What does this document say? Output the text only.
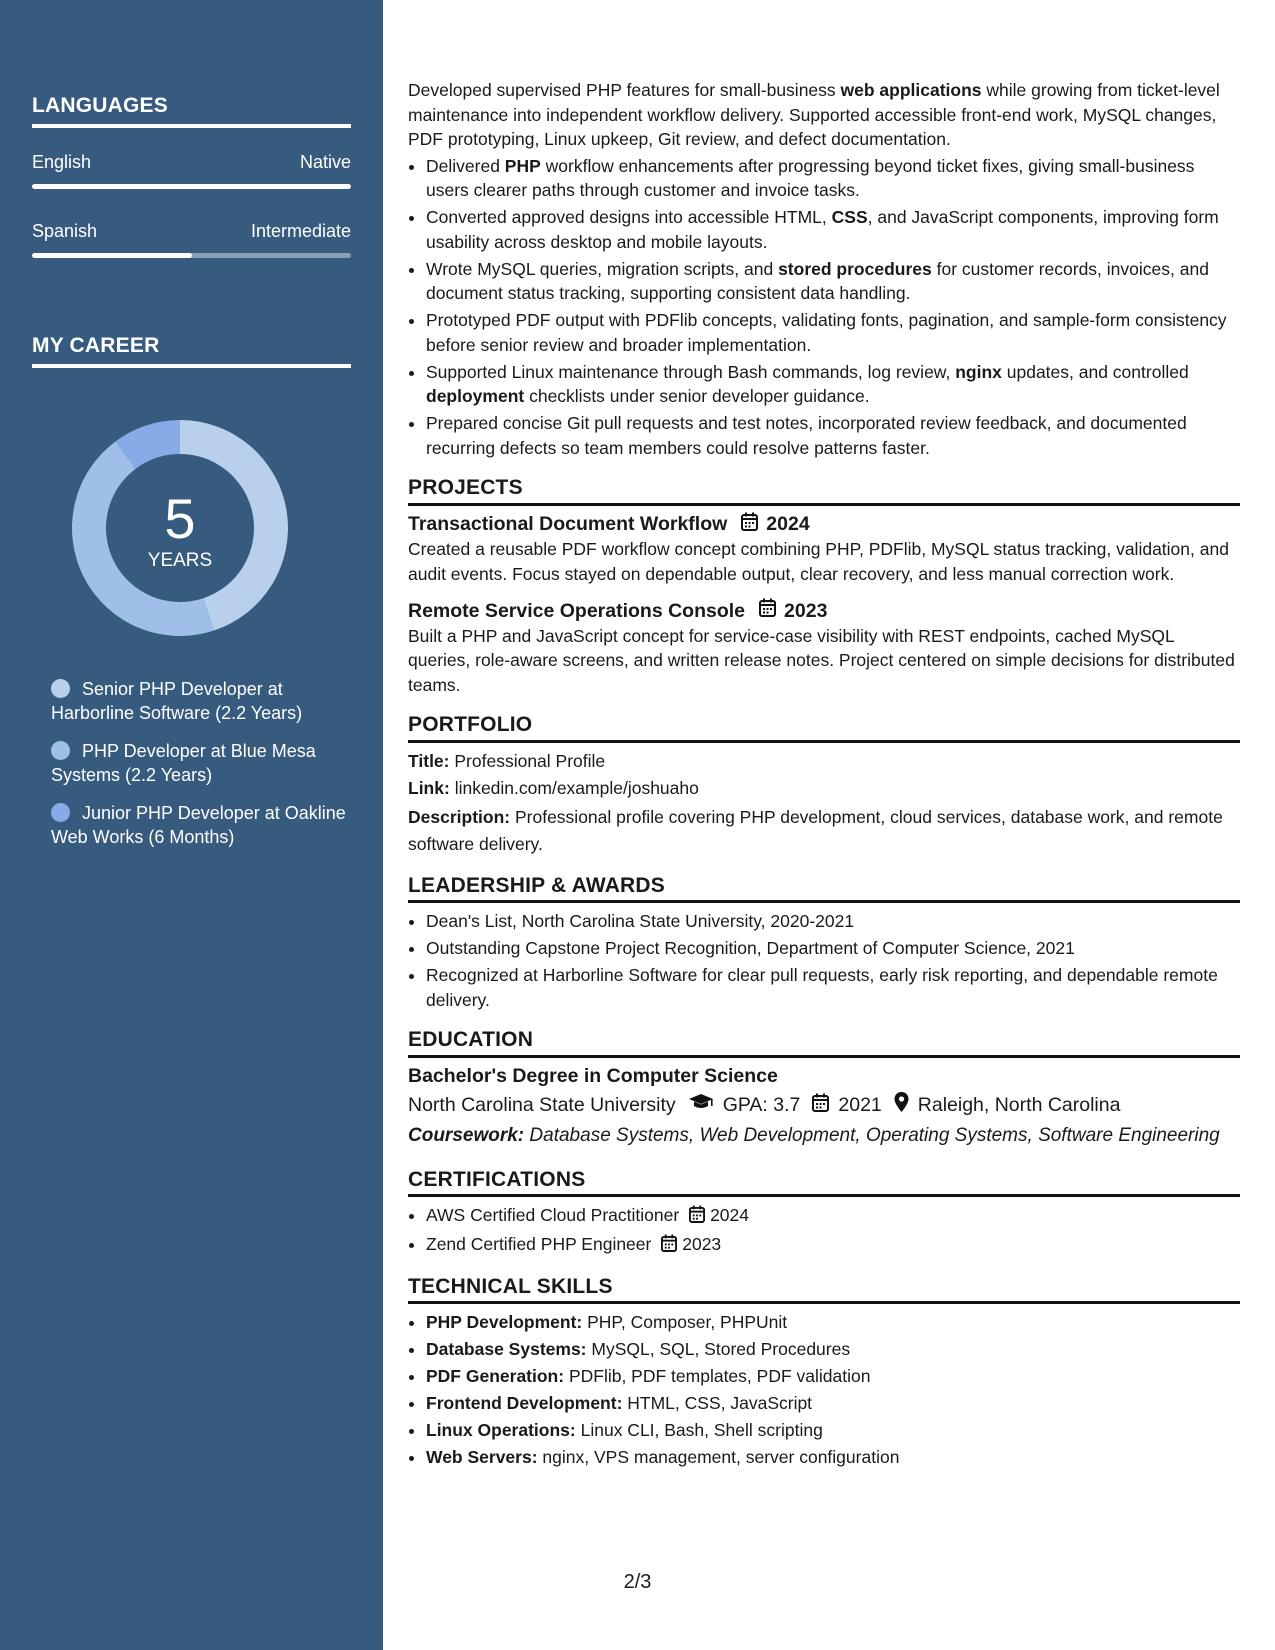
LANGUAGES
English	Native
Spanish	Intermediate
MY CAREER
5
YEARS
Senior PHP Developer at Harborline Software (2.2 Years)
PHP Developer at Blue Mesa Systems (2.2 Years)
Junior PHP Developer at Oakline Web Works (6 Months)

Developed supervised PHP features for small-business web applications while growing from ticket-level maintenance into independent workflow delivery. Supported accessible front-end work, MySQL changes, PDF prototyping, Linux upkeep, Git review, and defect documentation.

• Delivered PHP workflow enhancements after progressing beyond ticket fixes, giving small-business users clearer paths through customer and invoice tasks.
• Converted approved designs into accessible HTML, CSS, and JavaScript components, improving form usability across desktop and mobile layouts.
• Wrote MySQL queries, migration scripts, and stored procedures for customer records, invoices, and document status tracking, supporting consistent data handling.
• Prototyped PDF output with PDFlib concepts, validating fonts, pagination, and sample-form consistency before senior review and broader implementation.
• Supported Linux maintenance through Bash commands, log review, nginx updates, and controlled deployment checklists under senior developer guidance.
• Prepared concise Git pull requests and test notes, incorporated review feedback, and documented recurring defects so team members could resolve patterns faster.
PROJECTS
Transactional Document Workflow 2024

Created a reusable PDF workflow concept combining PHP, PDFlib, MySQL status tracking, validation, and audit events. Focus stayed on dependable output, clear recovery, and less manual correction work.

Remote Service Operations Console 2023

Built a PHP and JavaScript concept for service-case visibility with REST endpoints, cached MySQL queries, role-aware screens, and written release notes. Project centered on simple decisions for distributed teams.

PORTFOLIO
Title: Professional Profile
Link: linkedin.com/example/joshuaho
Description: Professional profile covering PHP development, cloud services, database work, and remote software delivery.
LEADERSHIP & AWARDS
• Dean's List, North Carolina State University, 2020-2021
• Outstanding Capstone Project Recognition, Department of Computer Science, 2021
• Recognized at Harborline Software for clear pull requests, early risk reporting, and dependable remote delivery.
EDUCATION
Bachelor's Degree in Computer Science
North Carolina State University GPA: 3.7 2021 Raleigh, North Carolina
Coursework: Database Systems, Web Development, Operating Systems, Software Engineering
CERTIFICATIONS
• AWS Certified Cloud Practitioner 2024
• Zend Certified PHP Engineer 2023
TECHNICAL SKILLS
• PHP Development: PHP, Composer, PHPUnit
• Database Systems: MySQL, SQL, Stored Procedures
• PDF Generation: PDFlib, PDF templates, PDF validation
• Frontend Development: HTML, CSS, JavaScript
• Linux Operations: Linux CLI, Bash, Shell scripting
• Web Servers: nginx, VPS management, server configuration
2/3
